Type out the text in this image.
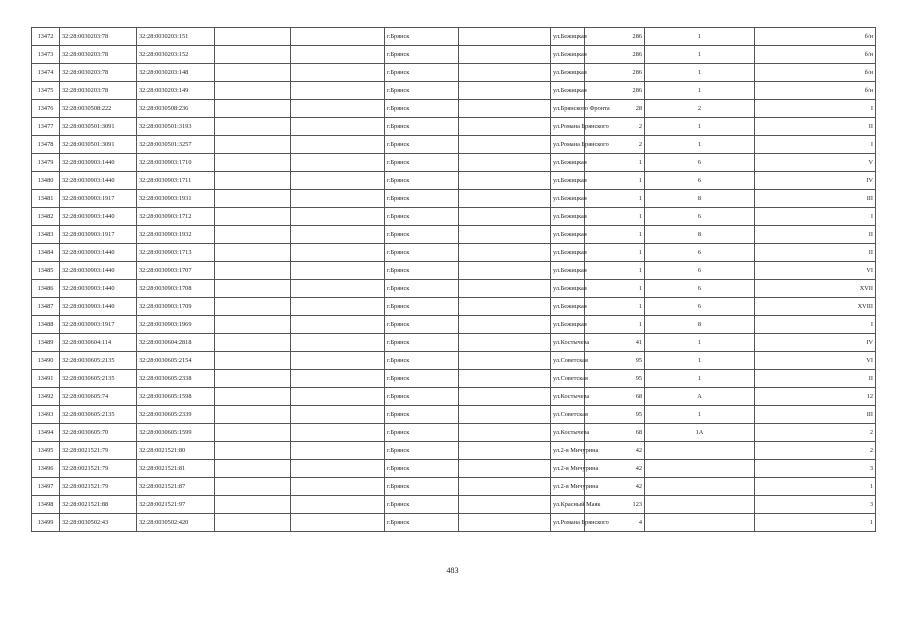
13472	32:28:0030203:78	32:28:0030203:151			г.Брянск		ул.Бежицкая	286	1	б/н
13473	32:28:0030203:78	32:28:0030203:152			г.Брянск		ул.Бежицкая	286	1	б/н
13474	32:28:0030203:78	32:28:0030203:148			г.Брянск		ул.Бежицкая	286	1	б/н
13475	32:28:0030203:78	32:28:0030203:149			г.Брянск		ул.Бежицкая	286	1	б/н
13476	32:28:0030508:222	32:28:0030508:236			г.Брянск		ул.Брянского Фронта	28	2	I
13477	32:28:0030501:3091	32:28:0030501:3193			г.Брянск		ул.Романа Брянского	2	1	II
13478	32:28:0030501:3091	32:28:0030501:3257			г.Брянск		ул.Романа Брянского	2	1	I
13479	32:28:0030903:1440	32:28:0030903:1710			г.Брянск		ул.Бежицкая	1	6	V
13480	32:28:0030903:1440	32:28:0030903:1711			г.Брянск		ул.Бежицкая	1	6	IV
13481	32:28:0030903:1917	32:28:0030903:1931			г.Брянск		ул.Бежицкая	1	8	III
13482	32:28:0030903:1440	32:28:0030903:1712			г.Брянск		ул.Бежицкая	1	6	I
13483	32:28:0030903:1917	32:28:0030903:1932			г.Брянск		ул.Бежицкая	1	8	II
13484	32:28:0030903:1440	32:28:0030903:1713			г.Брянск		ул.Бежицкая	1	6	II
13485	32:28:0030903:1440	32:28:0030903:1707			г.Брянск		ул.Бежицкая	1	6	VI
13486	32:28:0030903:1440	32:28:0030903:1708			г.Брянск		ул.Бежицкая	1	6	XVII
13487	32:28:0030903:1440	32:28:0030903:1709			г.Брянск		ул.Бежицкая	1	6	XVIII
13488	32:28:0030903:1917	32:28:0030903:1969			г.Брянск		ул.Бежицкая	1	8	I
13489	32:28:0030604:114	32:28:0030604:2818			г.Брянск		ул.Костычева	41	1	IV
13490	32:28:0030605:2135	32:28:0030605:2154			г.Брянск		ул.Советская	95	1	VI
13491	32:28:0030605:2135	32:28:0030605:2338			г.Брянск		ул.Советская	95	1	II
13492	32:28:0030605:74	32:28:0030605:1598			г.Брянск		ул.Костычева	68	А	12
13493	32:28:0030605:2135	32:28:0030605:2339			г.Брянск		ул.Советская	95	1	III
13494	32:28:0030605:70	32:28:0030605:1599			г.Брянск		ул.Костычева	68	1А	2
13495	32:28:0021521:79	32:28:0021521:80			г.Брянск		ул.2-я Мичурина	42		2
13496	32:28:0021521:79	32:28:0021521:81			г.Брянск		ул.2-я Мичурина	42		3
13497	32:28:0021521:79	32:28:0021521:87			г.Брянск		ул.2-я Мичурина	42		1
13498	32:28:0021521:88	32:28:0021521:97			г.Брянск		ул.Красный Маяк	123		3
13499	32:28:0030502:43	32:28:0030502:420			г.Брянск		ул.Романа Брянского	4		1
483
